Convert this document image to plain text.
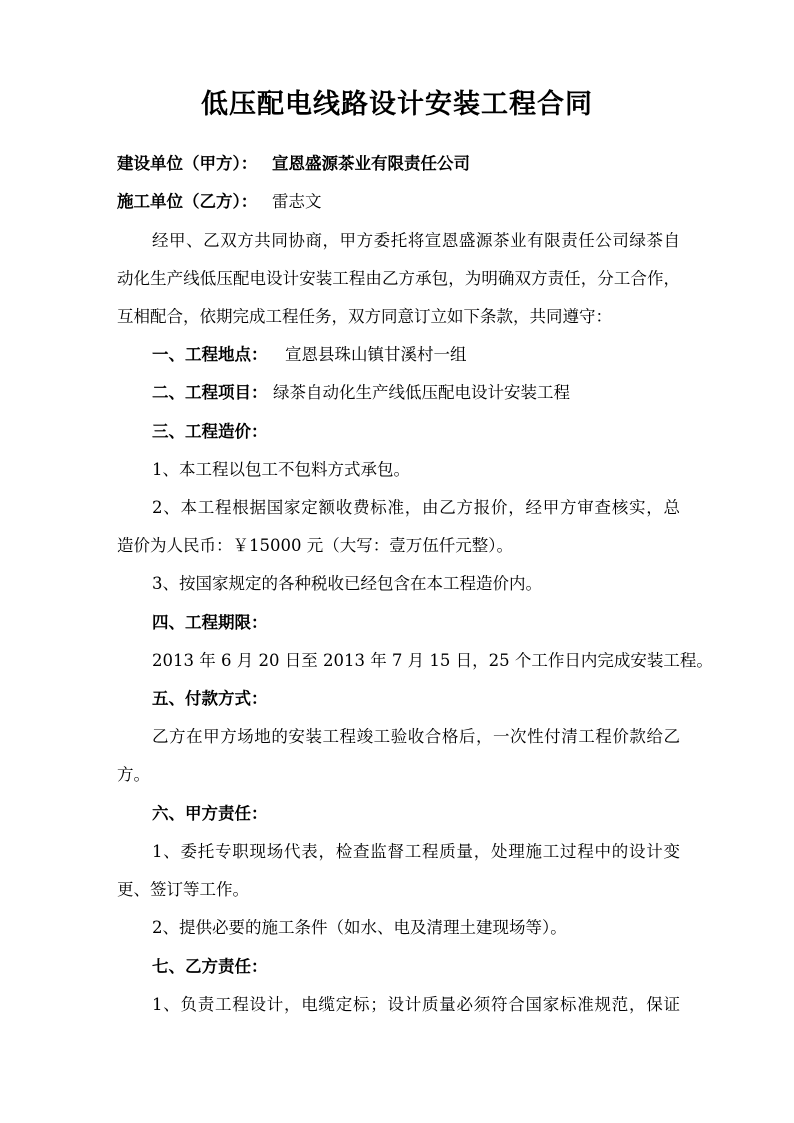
低压配电线路设计安装工程合同
建设单位（甲方）： 宣恩盛源茶业有限责任公司
施工单位（乙方）： 雷志文
经甲、乙双方共同协商，甲方委托将宣恩盛源茶业有限责任公司绿茶自
动化生产线低压配电设计安装工程由乙方承包，为明确双方责任，分工合作，
互相配合，依期完成工程任务，双方同意订立如下条款，共同遵守：
一、工程地点： 宣恩县珠山镇甘溪村一组
二、工程项目： 绿茶自动化生产线低压配电设计安装工程
三、工程造价：
1、本工程以包工不包料方式承包。
2、本工程根据国家定额收费标准，由乙方报价，经甲方审查核实，总
造价为人民币：￥15000 元（大写：壹万伍仟元整）。
3、按国家规定的各种税收已经包含在本工程造价内。
四、工程期限：
2013 年 6 月 20 日至 2013 年 7 月 15 日，25 个工作日内完成安装工程。
五、付款方式：
乙方在甲方场地的安装工程竣工验收合格后，一次性付清工程价款给乙
方。
六、甲方责任：
1、委托专职现场代表，检查监督工程质量，处理施工过程中的设计变
更、签订等工作。
2、提供必要的施工条件（如水、电及清理土建现场等）。
七、乙方责任：
1、负责工程设计，电缆定标；设计质量必须符合国家标准规范，保证
